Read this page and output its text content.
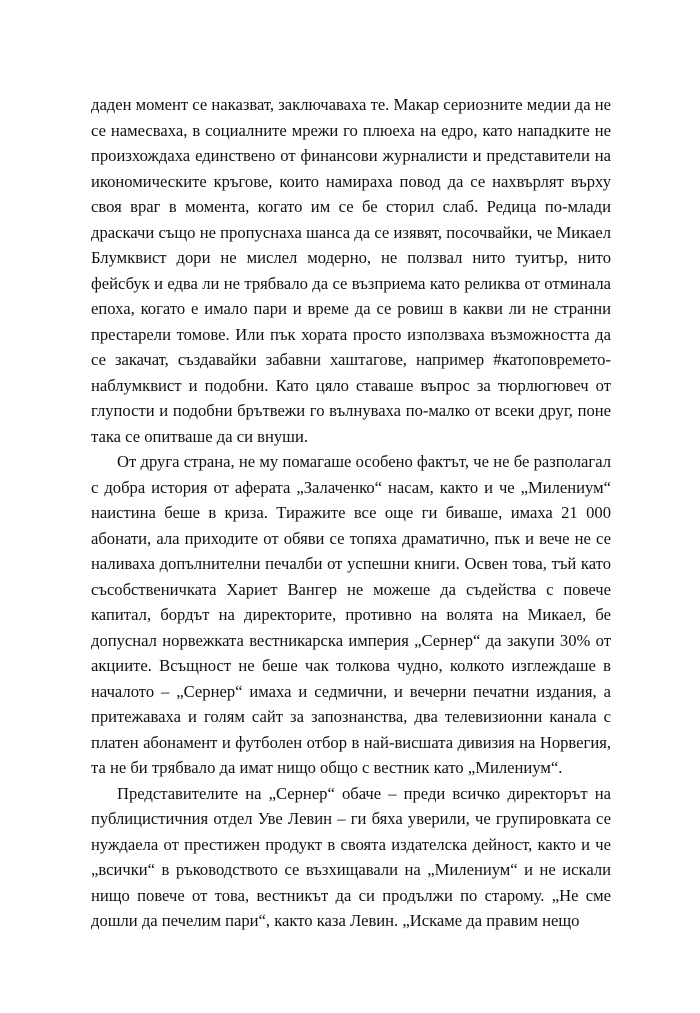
даден момент се наказват, заключаваха те. Макар сериозните медии да не се намесваха, в социалните мрежи го плюеха на едро, като нападките не произхождаха единствено от финансови журналисти и представители на икономическите кръгове, които намираха повод да се нахвърлят върху своя враг в момента, когато им се бе сторил слаб. Редица по-млади драскачи също не пропуснаха шанса да се изявят, посочвайки, че Микаел Блумквист дори не мислел модерно, не ползвал нито туитър, нито фейсбук и едва ли не трябвало да се възприема като реликва от отминала епоха, когато е имало пари и време да се ровиш в какви ли не странни престарели томове. Или пък хората просто използваха възможността да се закачат, създавайки забавни хаштагове, например #катоповреметонаблумквист и подобни. Като цяло ставаше въпрос за тюрлюгювеч от глупости и подобни брътвежи го вълнуваха по-малко от всеки друг, поне така се опитваше да си внуши.

От друга страна, не му помагаше особено фактът, че не бе разполагал с добра история от аферата „Залаченко“ насам, както и че „Милениум“ наистина беше в криза. Тиражите все още ги биваше, имаха 21 000 абонати, ала приходите от обяви се топяха драматично, пък и вече не се наливаха допълнителни печалби от успешни книги. Освен това, тъй като съсобственичката Хариет Вангер не можеше да съдейства с повече капитал, бордът на директорите, противно на волята на Микаел, бе допуснал норвежката вестникарска империя „Сернер“ да закупи 30% от акциите. Всъщност не беше чак толкова чудно, колкото изглеждаше в началото – „Сернер“ имаха и седмични, и вечерни печатни издания, а притежаваха и голям сайт за запознанства, два телевизионни канала с платен абонамент и футболен отбор в най-висшата дивизия на Норвегия, та не би трябвало да имат нищо общо с вестник като „Милениум“.

Представителите на „Сернер“ обаче – преди всичко директорът на публицистичния отдел Уве Левин – ги бяха уверили, че групировката се нуждаела от престижен продукт в своята издателска дейност, както и че „всички“ в ръководството се възхищавали на „Милениум“ и не искали нищо повече от това, вестникът да си продължи по старому. „Не сме дошли да печелим пари“, както каза Левин. „Искаме да правим нещо
